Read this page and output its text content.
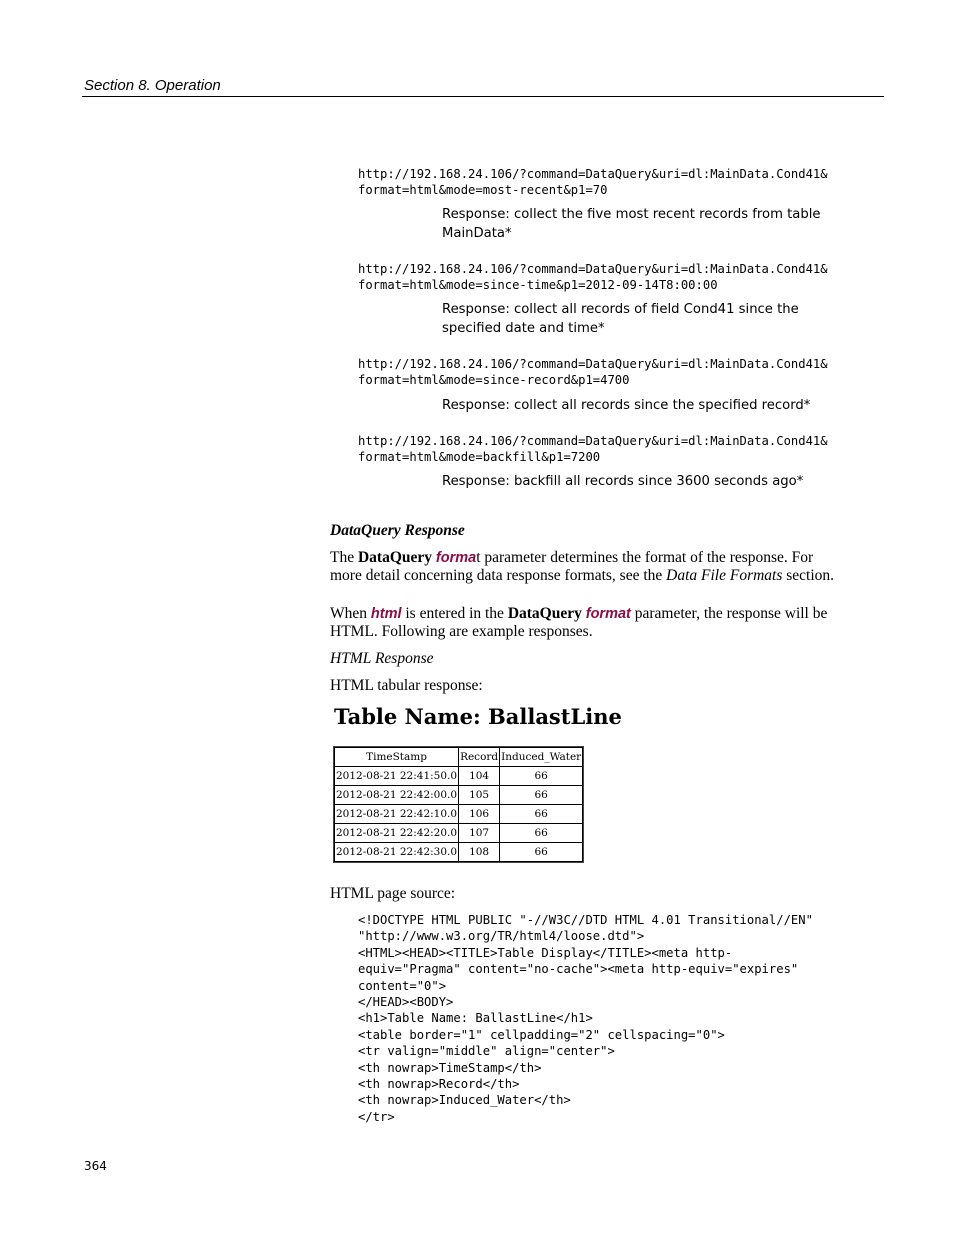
Section 8. Operation
http://192.168.24.106/?command=DataQuery&uri=dl:MainData.Cond41&
format=html&mode=most-recent&p1=70
Response: collect the five most recent records from table MainData*
http://192.168.24.106/?command=DataQuery&uri=dl:MainData.Cond41&
format=html&mode=since-time&p1=2012-09-14T8:00:00
Response: collect all records of field Cond41 since the specified date and time*
http://192.168.24.106/?command=DataQuery&uri=dl:MainData.Cond41&
format=html&mode=since-record&p1=4700
Response: collect all records since the specified record*
http://192.168.24.106/?command=DataQuery&uri=dl:MainData.Cond41&
format=html&mode=backfill&p1=7200
Response: backfill all records since 3600 seconds ago*
DataQuery Response
The DataQuery format parameter determines the format of the response. For more detail concerning data response formats, see the Data File Formats section.
When html is entered in the DataQuery format parameter, the response will be HTML. Following are example responses.
HTML Response
HTML tabular response:
Table Name: BallastLine
TimeStamp	Record	Induced_Water
2012-08-21 22:41:50.0	104	66
2012-08-21 22:42:00.0	105	66
2012-08-21 22:42:10.0	106	66
2012-08-21 22:42:20.0	107	66
2012-08-21 22:42:30.0	108	66
HTML page source:
<!DOCTYPE HTML PUBLIC "-//W3C//DTD HTML 4.01 Transitional//EN"
"http://www.w3.org/TR/html4/loose.dtd">
<HTML><HEAD><TITLE>Table Display</TITLE><meta http-
equiv="Pragma" content="no-cache"><meta http-equiv="expires"
content="0">
</HEAD><BODY>
<h1>Table Name: BallastLine</h1>
<table border="1" cellpadding="2" cellspacing="0">
<tr valign="middle" align="center">
<th nowrap>TimeStamp</th>
<th nowrap>Record</th>
<th nowrap>Induced_Water</th>
</tr>
364
